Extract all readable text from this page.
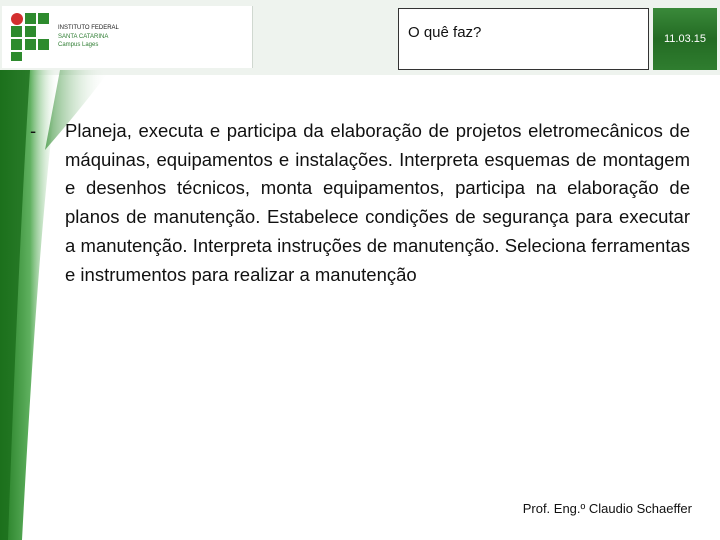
INSTITUTO FEDERAL
SANTA CATARINA
Campus Lages
O quê faz?	11.03.15
- Planeja, executa e participa da elaboração de projetos eletromecânicos de máquinas, equipamentos e instalações. Interpreta esquemas de montagem e desenhos técnicos, monta equipamentos, participa na elaboração de planos de manutenção. Estabelece condições de segurança para executar a manutenção. Interpreta instruções de manutenção. Seleciona ferramentas e instrumentos para realizar a manutenção

Prof. Eng.º Claudio Schaeffer
